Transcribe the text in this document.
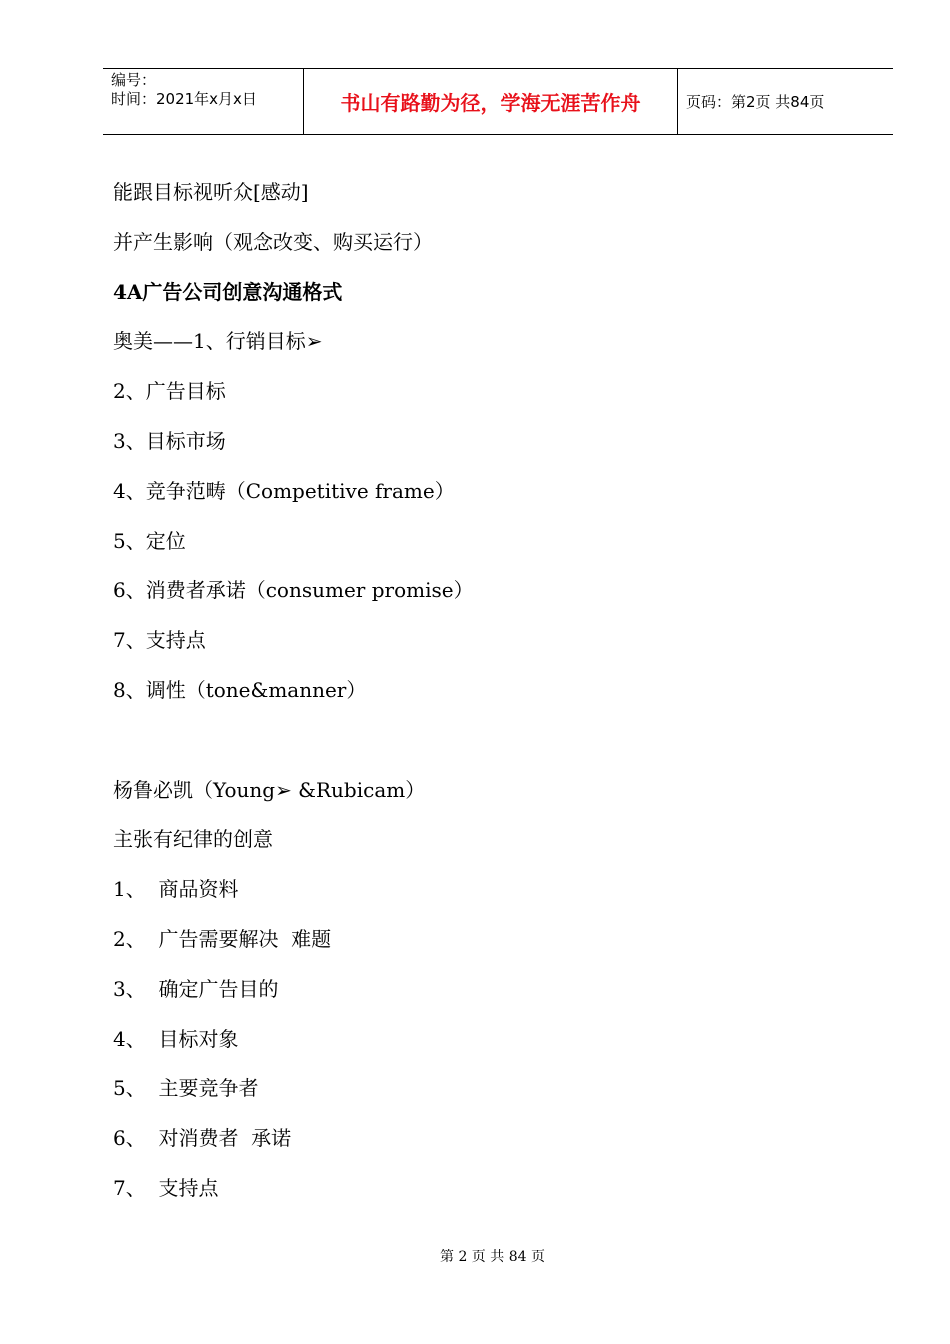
编号：
时间：2021年x月x日	书山有路勤为径，学海无涯苦作舟	页码：第2页 共84页
能跟目标视听众[感动]
并产生影响（观念改变、购买运行）
4A广告公司创意沟通格式
奥美——1、行销目标➢
2、广告目标
3、目标市场
4、竞争范畴（Competitive frame）
5、定位
6、消费者承诺（consumer promise）
7、支持点
8、调性（tone&manner）
杨鲁必凯（Young➢ &Rubicam）
主张有纪律的创意
1、  商品资料
2、  广告需要解决  难题
3、  确定广告目的
4、  目标对象
5、  主要竞争者
6、  对消费者  承诺
7、  支持点
第 2 页 共 84 页
